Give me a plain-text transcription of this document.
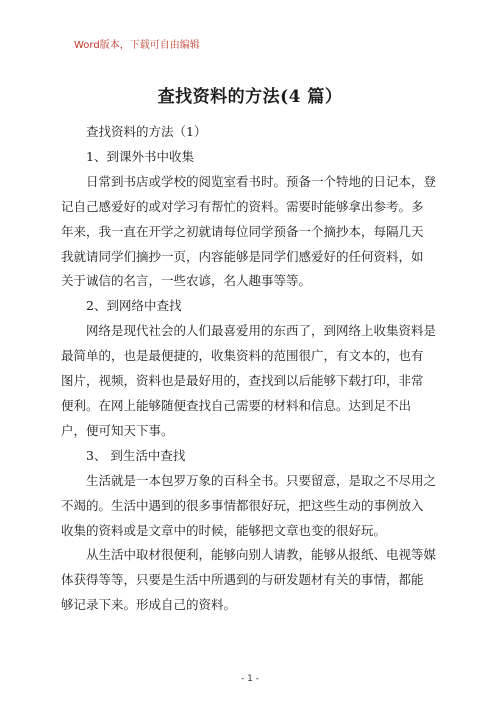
Word版本，下载可自由编辑
查找资料的方法(4 篇）
查找资料的方法（1）
1、到课外书中收集
日常到书店或学校的阅览室看书时。预备一个特地的日记本，登
记自己感爱好的或对学习有帮忙的资料。需要时能够拿出参考。多
年来，我一直在开学之初就请每位同学预备一个摘抄本，每隔几天
我就请同学们摘抄一页，内容能够是同学们感爱好的任何资料，如
关于诚信的名言，一些农谚，名人趣事等等。
2、到网络中查找
网络是现代社会的人们最喜爱用的东西了，到网络上收集资料是
最简单的，也是最便捷的，收集资料的范围很广，有文本的，也有
图片，视频，资料也是最好用的，查找到以后能够下载打印，非常
便利。在网上能够随便查找自己需要的材料和信息。达到足不出
户，便可知天下事。
3、 到生活中查找
生活就是一本包罗万象的百科全书。只要留意，是取之不尽用之
不竭的。生活中遇到的很多事情都很好玩，把这些生动的事例放入
收集的资料或是文章中的时候，能够把文章也变的很好玩。
从生活中取材很便利，能够向别人请教，能够从报纸、电视等媒
体获得等等，只要是生活中所遇到的与研发题材有关的事情，都能
够记录下来。形成自己的资料。
- 1 -
